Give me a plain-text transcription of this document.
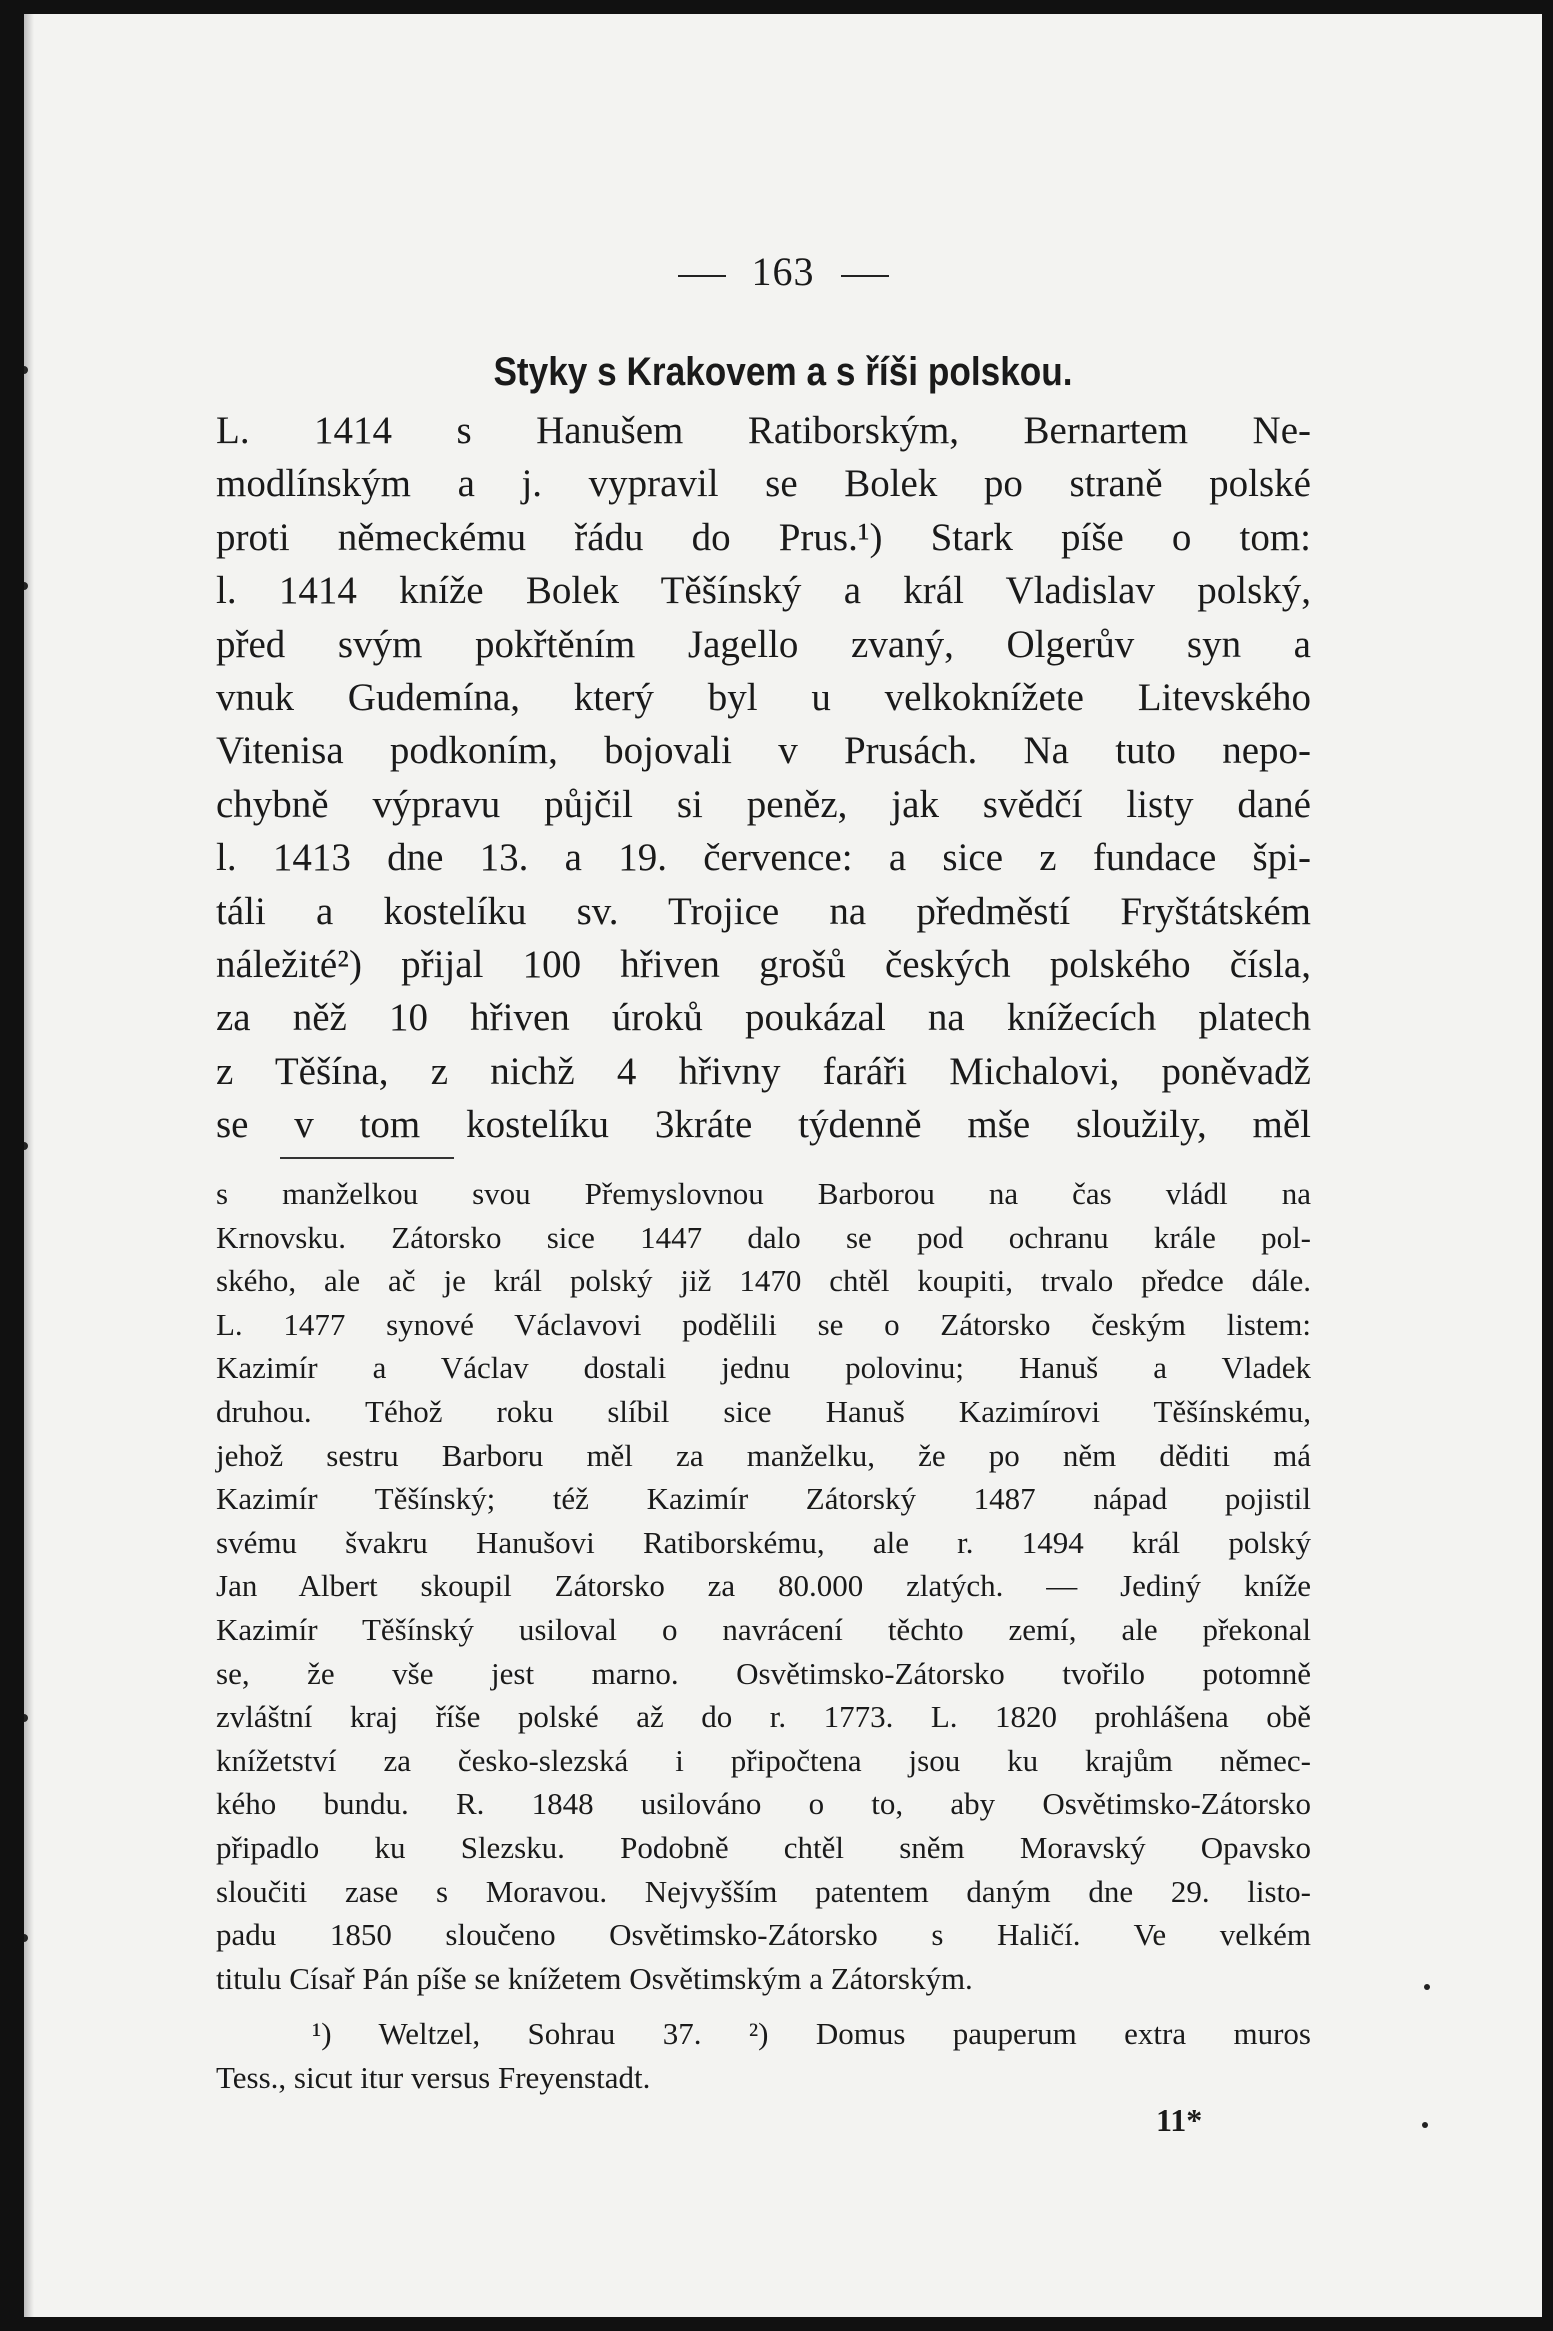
163
Styky s Krakovem a s říši polskou.
L. 1414 s Hanušem Ratiborským, Bernartem Ne-
modlínským a j. vypravil se Bolek po straně polské
proti německému řádu do Prus.¹) Stark píše o tom:
l. 1414 kníže Bolek Těšínský a král Vladislav polský,
před svým pokřtěním Jagello zvaný, Olgerův syn a
vnuk Gudemína, který byl u velkoknížete Litevského
Vitenisa podkoním, bojovali v Prusách. Na tuto nepo-
chybně výpravu půjčil si peněz, jak svědčí listy dané
l. 1413 dne 13. a 19. července: a sice z fundace špi-
táli a kostelíku sv. Trojice na předměstí Fryštátském
náležité²) přijal 100 hřiven grošů českých polského čísla,
za něž 10 hřiven úroků poukázal na knížecích platech
z Těšína, z nichž 4 hřivny faráři Michalovi, poněvadž
se v tom kostelíku 3kráte týdenně mše sloužily, měl
s manželkou svou Přemyslovnou Barborou na čas vládl na
Krnovsku. Zátorsko sice 1447 dalo se pod ochranu krále pol-
ského, ale ač je král polský již 1470 chtěl koupiti, trvalo předce dále.
L. 1477 synové Václavovi podělili se o Zátorsko českým listem:
Kazimír a Václav dostali jednu polovinu; Hanuš a Vladek
druhou. Téhož roku slíbil sice Hanuš Kazimírovi Těšínskému,
jehož sestru Barboru měl za manželku, že po něm děditi má
Kazimír Těšínský; též Kazimír Zátorský 1487 nápad pojistil
svému švakru Hanušovi Ratiborskému, ale r. 1494 král polský
Jan Albert skoupil Zátorsko za 80.000 zlatých. — Jediný kníže
Kazimír Těšínský usiloval o navrácení těchto zemí, ale překonal
se, že vše jest marno. Osvětimsko-Zátorsko tvořilo potomně
zvláštní kraj říše polské až do r. 1773. L. 1820 prohlášena obě
knížetství za česko-slezská i připočtena jsou ku krajům němec-
kého bundu. R. 1848 usilováno o to, aby Osvětimsko-Zátorsko
připadlo ku Slezsku. Podobně chtěl sněm Moravský Opavsko
sloučiti zase s Moravou. Nejvyšším patentem daným dne 29. listo-
padu 1850 sloučeno Osvětimsko-Zátorsko s Haličí. Ve velkém
titulu Císař Pán píše se knížetem Osvětimským a Zátorským.
¹) Weltzel, Sohrau 37. ²) Domus pauperum extra muros
Tess., sicut itur versus Freyenstadt.
11*
